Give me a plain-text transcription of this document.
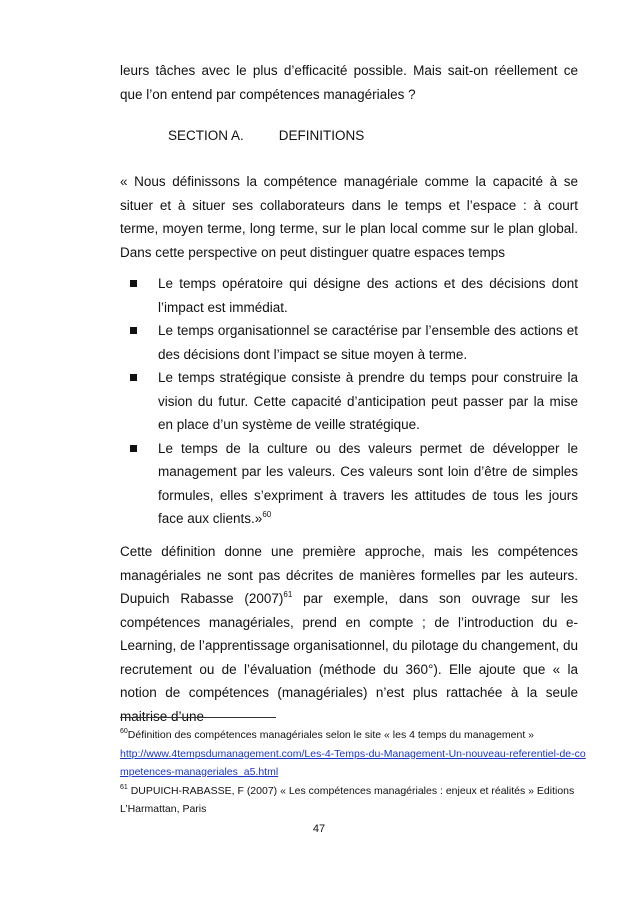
leurs tâches avec le plus d’efficacité possible. Mais sait-on réellement ce que l’on entend par compétences managériales ?

SECTION A.	DEFINITIONS

« Nous définissons la compétence managériale comme la capacité à se situer et à situer ses collaborateurs dans le temps et l’espace : à court terme, moyen terme, long terme, sur le plan local comme sur le plan global. Dans cette perspective on peut distinguer quatre espaces temps

Le temps opératoire qui désigne des actions et des décisions dont l’impact est immédiat.
Le temps organisationnel se caractérise par l’ensemble des actions et des décisions dont l’impact se situe moyen à terme.
Le temps stratégique consiste à prendre du temps pour construire la vision du futur. Cette capacité d’anticipation peut passer par la mise en place d’un système de veille stratégique.
Le temps de la culture ou des valeurs permet de développer le management par les valeurs. Ces valeurs sont loin d’être de simples formules, elles s’expriment à travers les attitudes de tous les jours face aux clients.»$^{60}$

Cette définition donne une première approche, mais les compétences managériales ne sont pas décrites de manières formelles par les auteurs. Dupuich Rabasse $(2007)^{61}$ par exemple, dans son ouvrage sur les compétences managériales, prend en compte ; de l’introduction du e-Learning, de l’apprentissage organisationnel, du pilotage du changement, du recrutement ou de l’évaluation (méthode du 360°). Elle ajoute que « la notion de compétences (managériales) n’est plus rattachée à la seule maitrise d’une

$^{60}$Définition des compétences managériales selon le site « les 4 temps du management »
http://www.4tempsdumanagement.com/Les-4-Temps-du-Management-Un-nouveau-referentiel-de-competences-manageriales_a5.html

$^{61}$ DUPUICH-RABASSE, F (2007) « Les compétences managériales : enjeux et réalités » Editions L’Harmattan, Paris

47
